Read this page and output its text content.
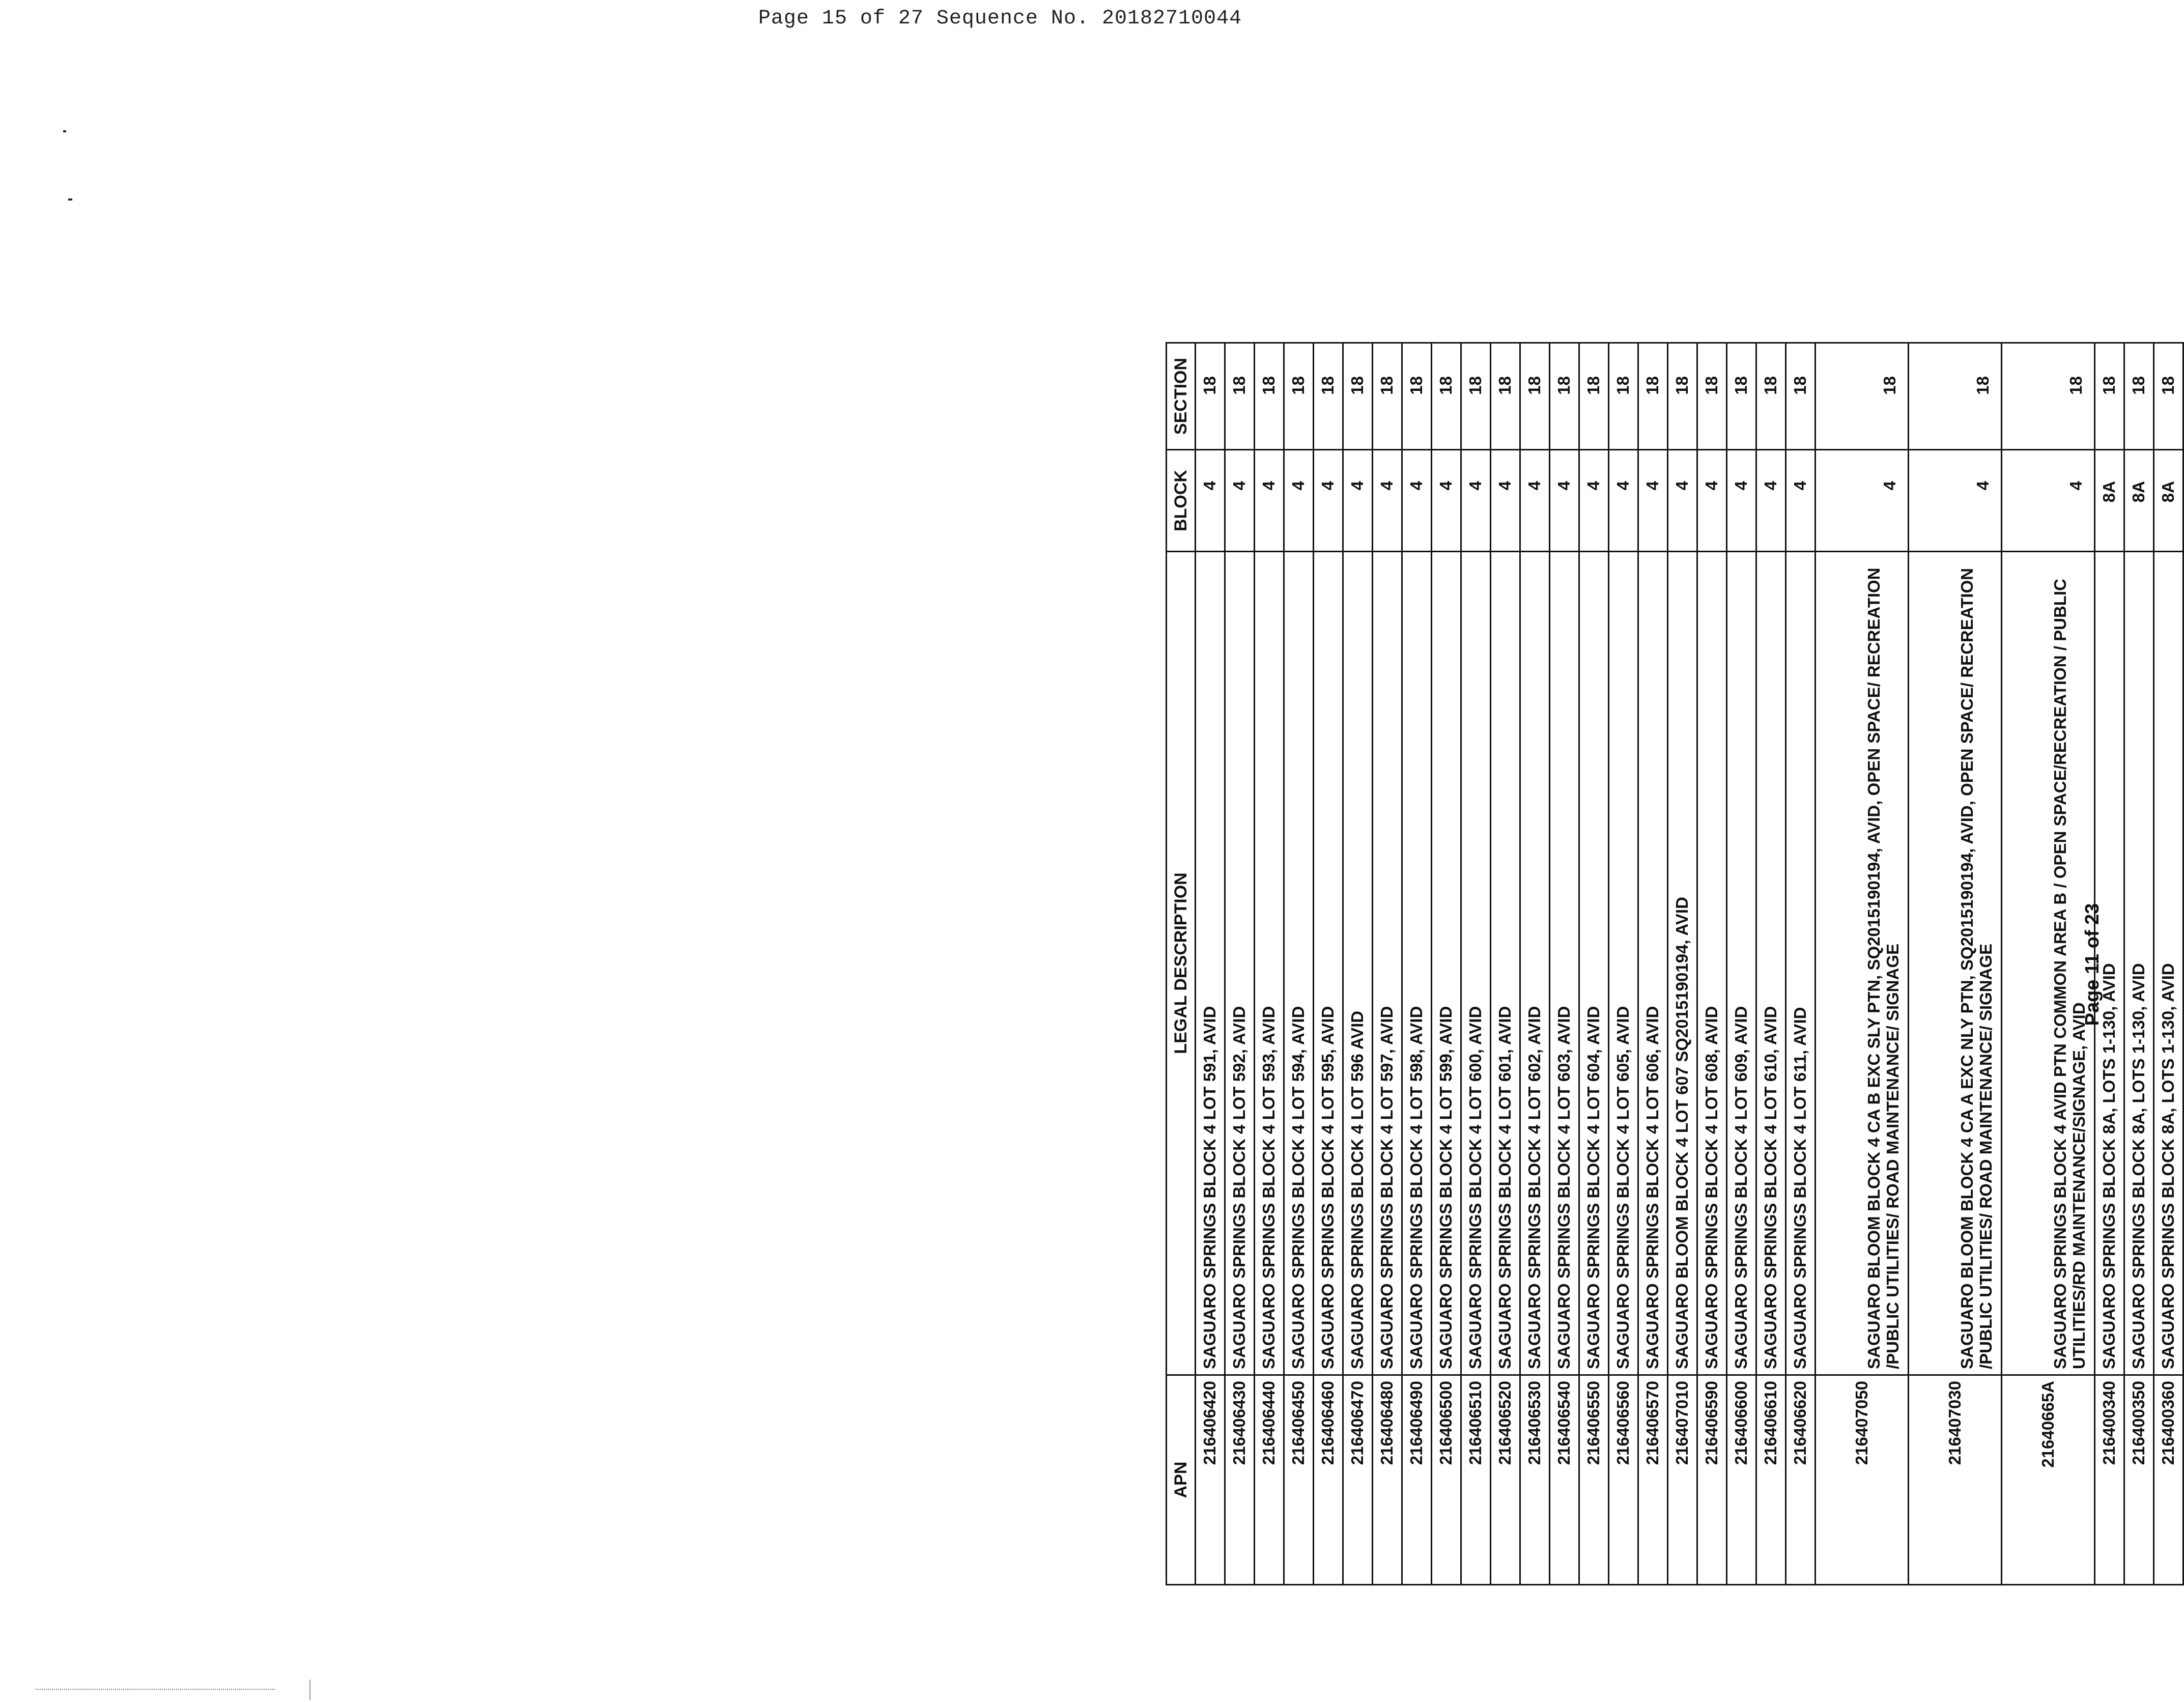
Page 15 of 27 Sequence No. 20182710044
APN	LEGAL DESCRIPTION	BLOCK	SECTION
216406420	SAGUARO SPRINGS BLOCK 4 LOT 591, AVID	4	18
216406430	SAGUARO SPRINGS BLOCK 4 LOT 592, AVID	4	18
216406440	SAGUARO SPRINGS BLOCK 4 LOT 593, AVID	4	18
216406450	SAGUARO SPRINGS BLOCK 4 LOT 594, AVID	4	18
216406460	SAGUARO SPRINGS BLOCK 4 LOT 595, AVID	4	18
216406470	SAGUARO SPRINGS BLOCK 4 LOT 596 AVID	4	18
216406480	SAGUARO SPRINGS BLOCK 4 LOT 597, AVID	4	18
216406490	SAGUARO SPRINGS BLOCK 4 LOT 598, AVID	4	18
216406500	SAGUARO SPRINGS BLOCK 4 LOT 599, AVID	4	18
216406510	SAGUARO SPRINGS BLOCK 4 LOT 600, AVID	4	18
216406520	SAGUARO SPRINGS BLOCK 4 LOT 601, AVID	4	18
216406530	SAGUARO SPRINGS BLOCK 4 LOT 602, AVID	4	18
216406540	SAGUARO SPRINGS BLOCK 4 LOT 603, AVID	4	18
216406550	SAGUARO SPRINGS BLOCK 4 LOT 604, AVID	4	18
216406560	SAGUARO SPRINGS BLOCK 4 LOT 605, AVID	4	18
216406570	SAGUARO SPRINGS BLOCK 4 LOT 606, AVID	4	18
216407010	SAGUARO BLOOM BLOCK 4 LOT 607 SQ20151901​94, AVID	4	18
216406590	SAGUARO SPRINGS BLOCK 4 LOT 608, AVID	4	18
216406600	SAGUARO SPRINGS BLOCK 4 LOT 609, AVID	4	18
216406610	SAGUARO SPRINGS BLOCK 4 LOT 610, AVID	4	18
216406620	SAGUARO SPRINGS BLOCK 4 LOT 611, AVID	4	18
216407050	SAGUARO BLOOM BLOCK 4 CA B EXC SLY PTN, SQ2015190194, AVID, OPEN SPACE/ RECREATION /PUBLIC UTILITIES/ ROAD MAINTENANCE/ SIGNAGE	4	18
216407030	SAGUARO BLOOM BLOCK 4 CA A EXC NLY PTN, SQ2015190194, AVID, OPEN SPACE/ RECREATION /PUBLIC UTILITIES/ ROAD MAINTENANCE/ SIGNAGE	4	18
21640665A	SAGUARO SPRINGS BLOCK 4 AVID PTN COMMON AREA B / OPEN SPACE/RECREATION / PUBLIC UTILITIES/RD MAINTENANCE/SIGNAGE, AVID	4	18
216400340	SAGUARO SPRINGS BLOCK 8A, LOTS 1-130, AVID	8A	18
216400350	SAGUARO SPRINGS BLOCK 8A, LOTS 1-130, AVID	8A	18
216400360	SAGUARO SPRINGS BLOCK 8A, LOTS 1-130, AVID	8A	18
Page 11 of 23
